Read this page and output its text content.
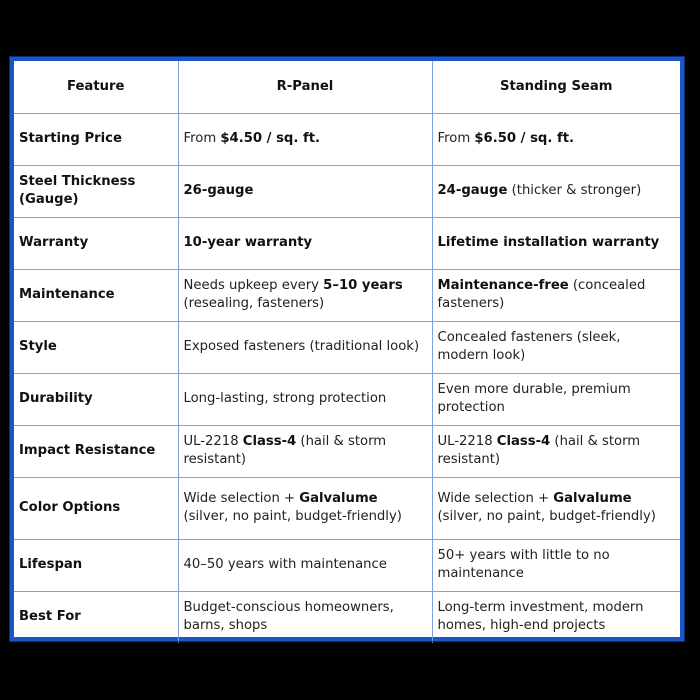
Feature	R-Panel	Standing Seam
Starting Price	From $4.50 / sq. ft.	From $6.50 / sq. ft.
Steel Thickness (Gauge)	26-gauge	24-gauge (thicker & stronger)
Warranty	10-year warranty	Lifetime installation warranty
Maintenance	Needs upkeep every 5–10 years (resealing, fasteners)	Maintenance-free (concealed fasteners)
Style	Exposed fasteners (traditional look)	Concealed fasteners (sleek, modern look)
Durability	Long-lasting, strong protection	Even more durable, premium protection
Impact Resistance	UL-2218 Class-4 (hail & storm resistant)	UL-2218 Class-4 (hail & storm resistant)
Color Options	Wide selection + Galvalume (silver, no paint, budget-friendly)	Wide selection + Galvalume (silver, no paint, budget-friendly)
Lifespan	40–50 years with maintenance	50+ years with little to no maintenance
Best For	Budget-conscious homeowners, barns, shops	Long-term investment, modern homes, high-end projects
